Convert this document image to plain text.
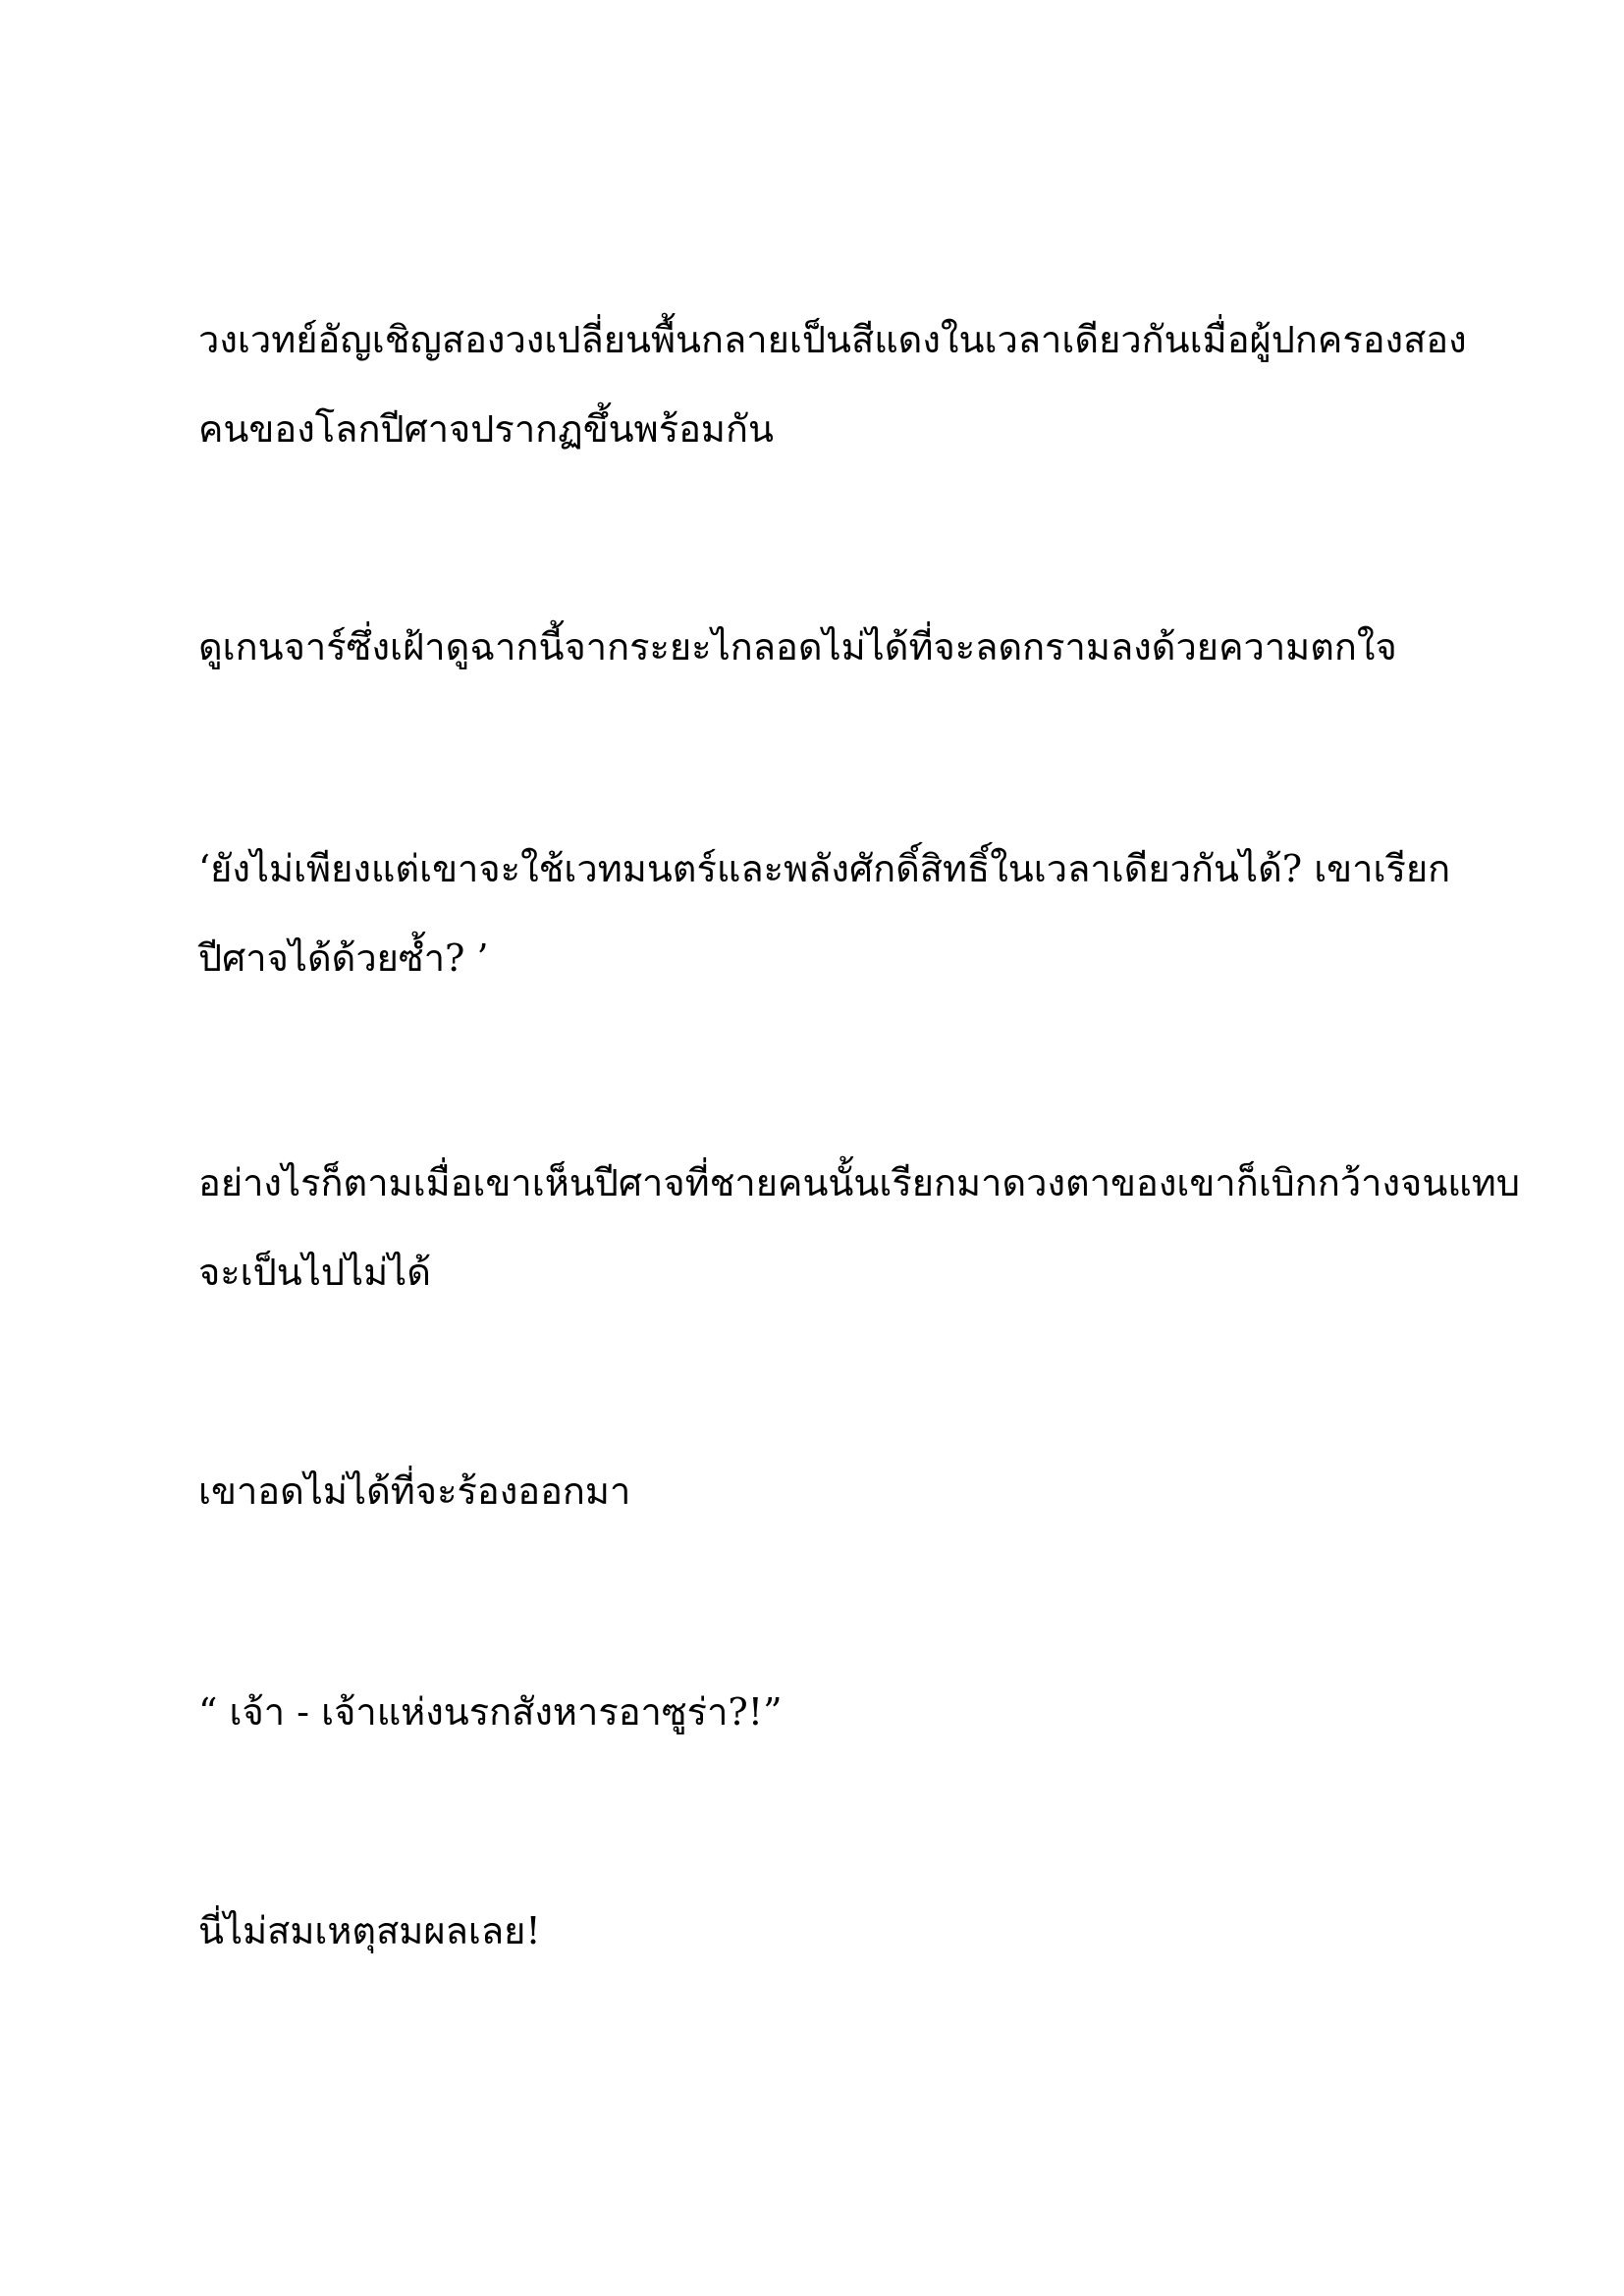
วงเวทย์อัญเชิญสองวงเปลี่ยนพื้นกลายเป็นสีแดงในเวลาเดียวกันเมื่อผู้ปกครองสอง
คนของโลกปีศาจปรากฏขึ้นพร้อมกัน

ดูเกนจาร์ซึ่งเฝ้าดูฉากนี้จากระยะไกลอดไม่ได้ที่จะลดกรามลงด้วยความตกใจ

‘ยังไม่เพียงแต่เขาจะใช้เวทมนตร์และพลังศักดิ์สิทธิ์ในเวลาเดียวกันได้? เขาเรียก
ปีศาจได้ด้วยซ้ำ? ’

อย่างไรก็ตามเมื่อเขาเห็นปีศาจที่ชายคนนั้นเรียกมาดวงตาของเขาก็เบิกกว้างจนแทบ
จะเป็นไปไม่ได้

เขาอดไม่ได้ที่จะร้องออกมา

“ เจ้า - เจ้าแห่งนรกสังหารอาซูร่า?!”

นี่ไม่สมเหตุสมผลเลย!
